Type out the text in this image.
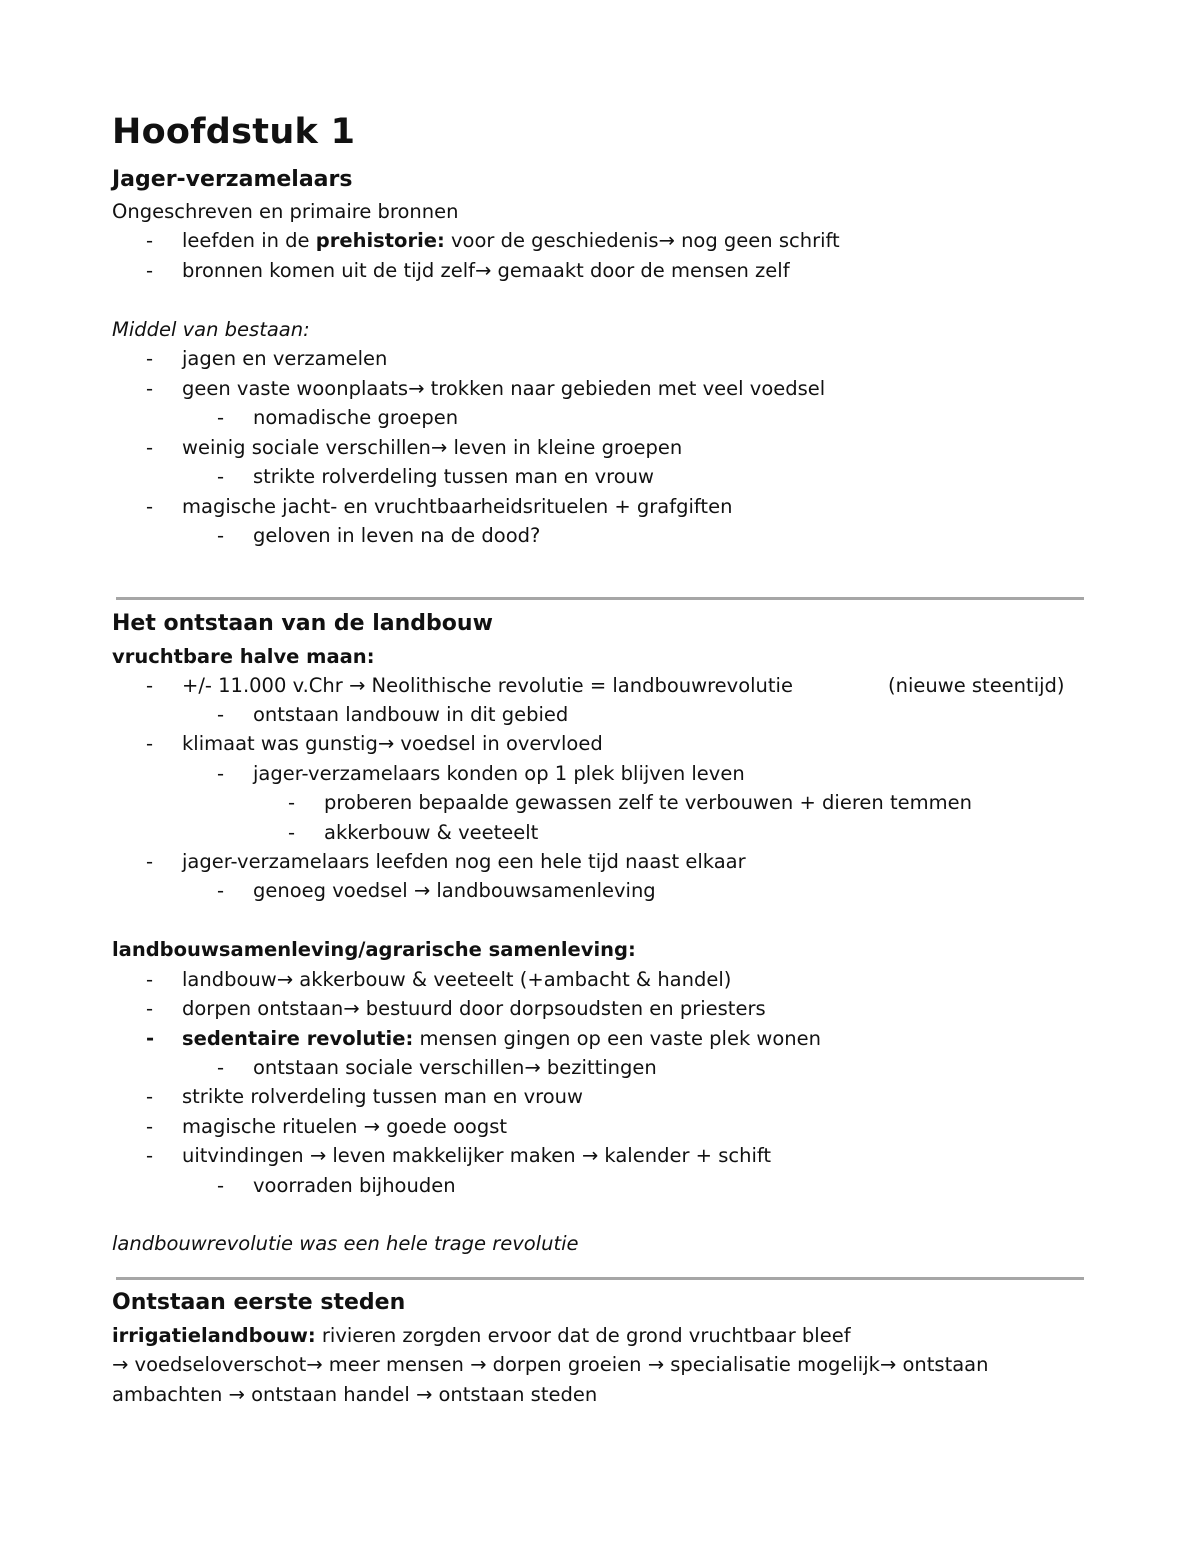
Hoofdstuk 1
Jager-verzamelaars
Ongeschreven en primaire bronnen
- leefden in de prehistorie: voor de geschiedenis→ nog geen schrift
- bronnen komen uit de tijd zelf→ gemaakt door de mensen zelf
Middel van bestaan:
- jagen en verzamelen
- geen vaste woonplaats→ trokken naar gebieden met veel voedsel
- nomadische groepen
- weinig sociale verschillen→ leven in kleine groepen
- strikte rolverdeling tussen man en vrouw
- magische jacht- en vruchtbaarheidsrituelen + grafgiften
- geloven in leven na de dood?
Het ontstaan van de landbouw
vruchtbare halve maan:
- +/- 11.000 v.Chr → Neolithische revolutie = landbouwrevolutie	(nieuwe steentijd)
- ontstaan landbouw in dit gebied
- klimaat was gunstig→ voedsel in overvloed
- jager-verzamelaars konden op 1 plek blijven leven
- proberen bepaalde gewassen zelf te verbouwen + dieren temmen
- akkerbouw & veeteelt
- jager-verzamelaars leefden nog een hele tijd naast elkaar
- genoeg voedsel → landbouwsamenleving
landbouwsamenleving/agrarische samenleving:
- landbouw→ akkerbouw & veeteelt (+ambacht & handel)
- dorpen ontstaan→ bestuurd door dorpsoudsten en priesters
- sedentaire revolutie: mensen gingen op een vaste plek wonen
- ontstaan sociale verschillen→ bezittingen
- strikte rolverdeling tussen man en vrouw
- magische rituelen → goede oogst
- uitvindingen → leven makkelijker maken → kalender + schift
- voorraden bijhouden
landbouwrevolutie was een hele trage revolutie
Ontstaan eerste steden
irrigatielandbouw: rivieren zorgden ervoor dat de grond vruchtbaar bleef
→ voedseloverschot→ meer mensen → dorpen groeien → specialisatie mogelijk→ ontstaan
ambachten → ontstaan handel → ontstaan steden
